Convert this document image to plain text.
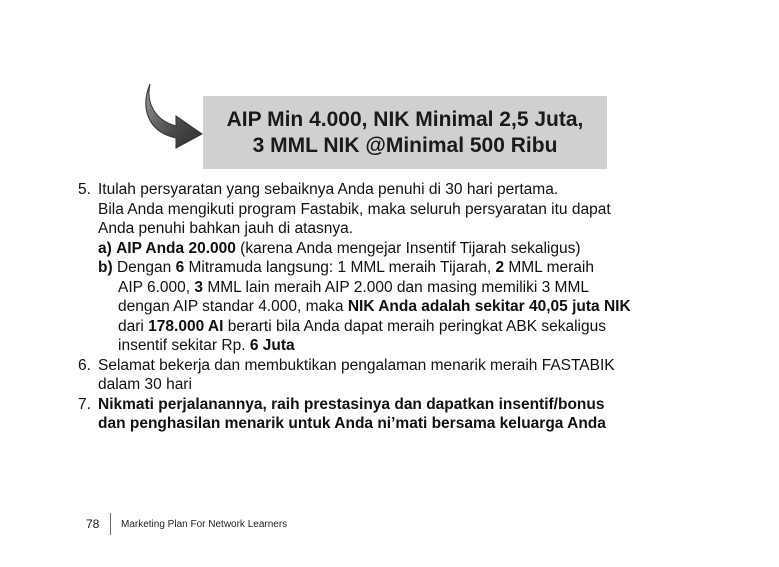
AIP Min 4.000, NIK Minimal 2,5 Juta,
3 MML NIK @Minimal 500 Ribu
5. Itulah persyaratan yang sebaiknya Anda penuhi di 30 hari pertama.
Bila Anda mengikuti program Fastabik, maka seluruh persyaratan itu dapat
Anda penuhi bahkan jauh di atasnya.
a) AIP Anda 20.000 (karena Anda mengejar Insentif Tijarah sekaligus)
b) Dengan 6 Mitramuda langsung: 1 MML meraih Tijarah, 2 MML meraih
AIP 6.000, 3 MML lain meraih AIP 2.000 dan masing memiliki 3 MML
dengan AIP standar 4.000, maka NIK Anda adalah sekitar 40,05 juta NIK
dari 178.000 AI berarti bila Anda dapat meraih peringkat ABK sekaligus
insentif sekitar Rp. 6 Juta
6. Selamat bekerja dan membuktikan pengalaman menarik meraih FASTABIK
dalam 30 hari
7. Nikmati perjalanannya, raih prestasinya dan dapatkan insentif/bonus
dan penghasilan menarik untuk Anda ni’mati bersama keluarga Anda
78	Marketing Plan For Network Learners
